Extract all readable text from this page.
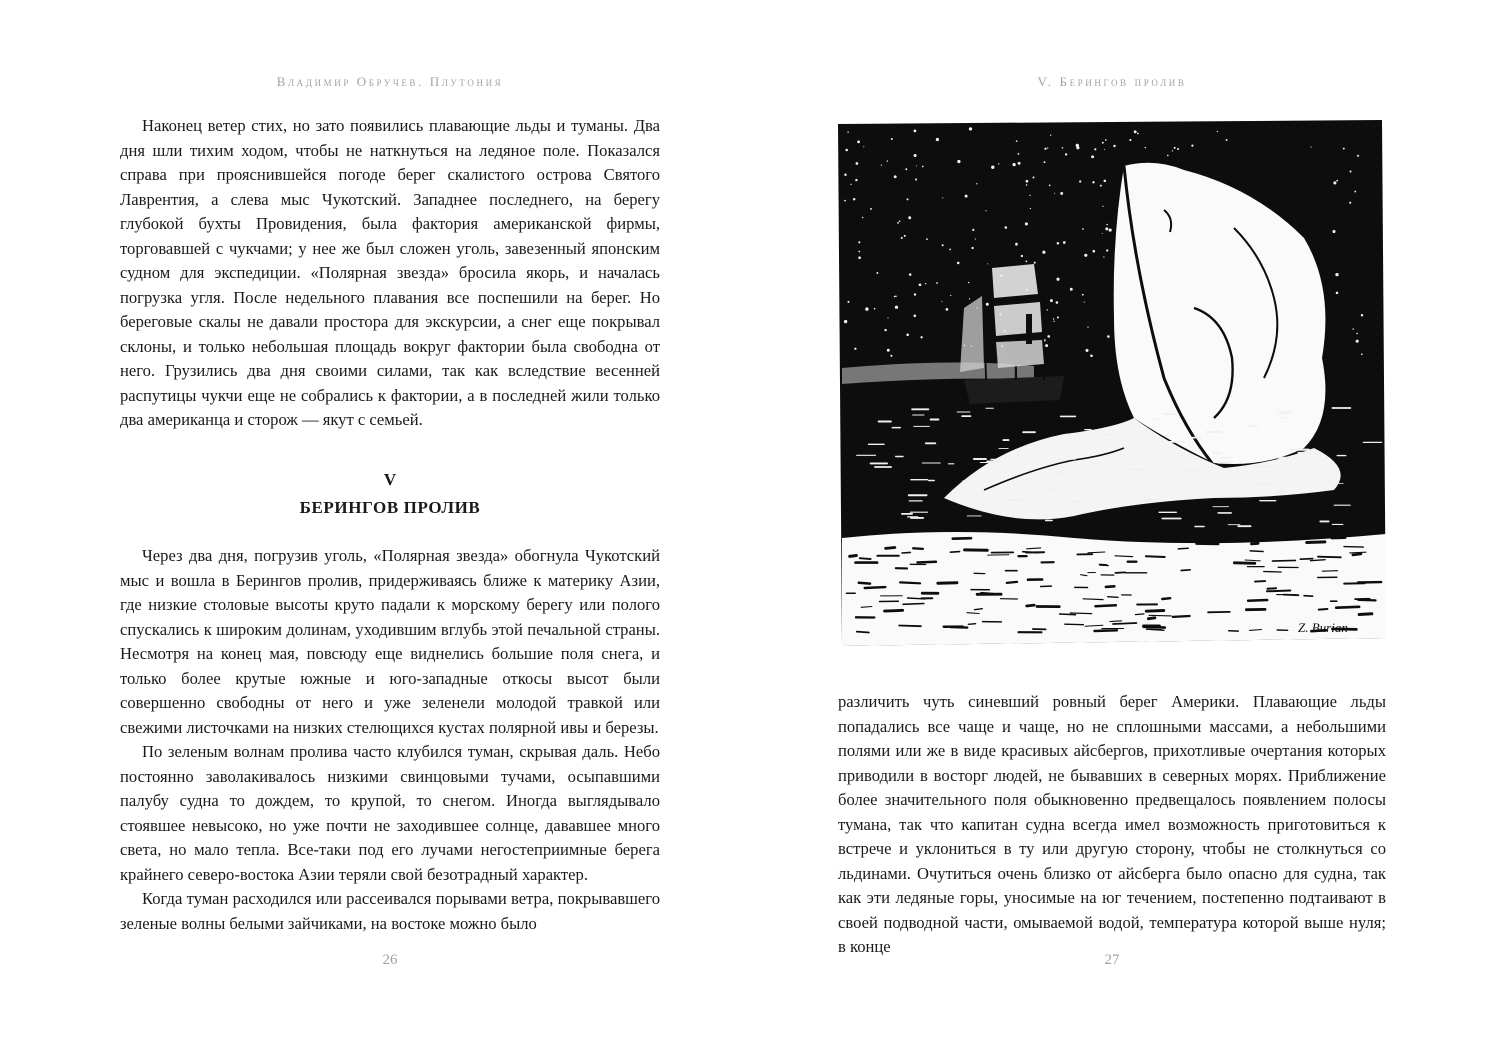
Владимир Обручев. Плутония

Наконец ветер стих, но зато появились плавающие льды и туманы. Два дня шли тихим ходом, чтобы не наткнуться на ледяное поле. Показался справа при прояснившейся погоде берег скалистого острова Святого Лаврентия, а слева мыс Чукотский. Западнее последнего, на берегу глубокой бухты Провидения, была фактория американской фирмы, торговавшей с чукчами; у нее же был сложен уголь, завезенный японским судном для экспедиции. «Полярная звезда» бросила якорь, и началась погрузка угля. После недельного плавания все поспешили на берег. Но береговые скалы не давали простора для экскурсии, а снег еще покрывал склоны, и только небольшая площадь вокруг фактории была свободна от него. Грузились два дня своими силами, так как вследствие весенней распутицы чукчи еще не собрались к фактории, а в последней жили только два американца и сторож — якут с семьей.

V
БЕРИНГОВ ПРОЛИВ

Через два дня, погрузив уголь, «Полярная звезда» обогнула Чукотский мыс и вошла в Берингов пролив, придерживаясь ближе к материку Азии, где низкие столовые высоты круто падали к морскому берегу или полого спускались к широким долинам, уходившим вглубь этой печальной страны. Несмотря на конец мая, повсюду еще виднелись большие поля снега, и только более крутые южные и юго-западные откосы высот были совершенно свободны от него и уже зеленели молодой травкой или свежими листочками на низких стелющихся кустах полярной ивы и березы.

По зеленым волнам пролива часто клубился туман, скрывая даль. Небо постоянно заволакивалось низкими свинцовыми тучами, осыпавшими палубу судна то дождем, то крупой, то снегом. Иногда выглядывало стоявшее невысоко, но уже почти не заходившее солнце, дававшее много света, но мало тепла. Все-таки под его лучами негостеприимные берега крайнего северо-востока Азии теряли свой безотрадный характер.

Когда туман расходился или рассеивался порывами ветра, покрывавшего зеленые волны белыми зайчиками, на востоке можно было

26
V. Берингов пролив
Z. Burian

различить чуть синевший ровный берег Америки. Плавающие льды попадались все чаще и чаще, но не сплошными массами, а небольшими полями или же в виде красивых айсбергов, прихотливые очертания которых приводили в восторг людей, не бывавших в северных морях. Приближение более значительного поля обыкновенно предвещалось появлением полосы тумана, так что капитан судна всегда имел возможность приготовиться к встрече и уклониться в ту или другую сторону, чтобы не столкнуться со льдинами. Очутиться очень близко от айсберга было опасно для судна, так как эти ледяные горы, уносимые на юг течением, постепенно подтаивают в своей подводной части, омываемой водой, температура которой выше нуля; в конце

27
